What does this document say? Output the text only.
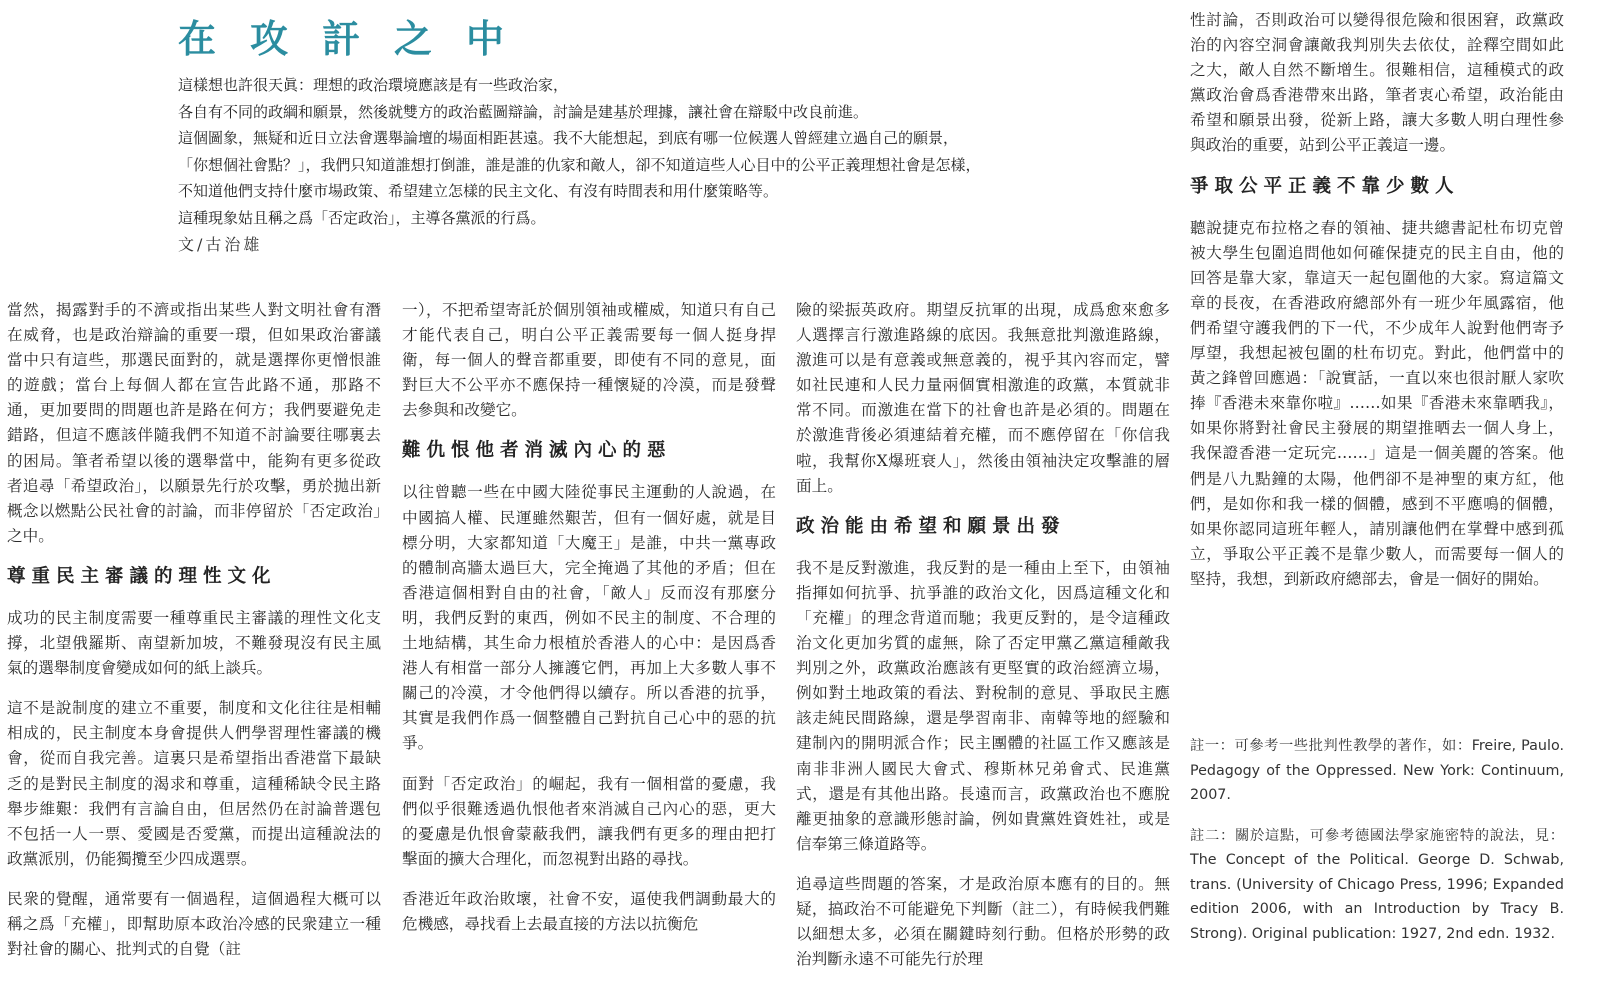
在攻訐之中

這樣想也許很天眞：理想的政治環境應該是有一些政治家，

各自有不同的政綱和願景，然後就雙方的政治藍圖辯論，討論是建基於理據，讓社會在辯駁中改良前進。

這個圖象，無疑和近日立法會選舉論壇的場面相距甚遠。我不大能想起，到底有哪一位候選人曾經建立過自己的願景，

「你想個社會點？」，我們只知道誰想打倒誰，誰是誰的仇家和敵人，卻不知道這些人心目中的公平正義理想社會是怎樣，

不知道他們支持什麼市場政策、希望建立怎樣的民主文化、有沒有時間表和用什麼策略等。

這種現象姑且稱之爲「否定政治」，主導各黨派的行爲。

文/古治雄

當然，揭露對手的不濟或指出某些人對文明社會有潛在威脅，也是政治辯論的重要一環，但如果政治審議當中只有這些，那選民面對的，就是選擇你更憎恨誰的遊戲；當台上每個人都在宣告此路不通，那路不通，更加要問的問題也許是路在何方；我們要避免走錯路，但這不應該伴隨我們不知道不討論要往哪裏去的困局。筆者希望以後的選舉當中，能夠有更多從政者追尋「希望政治」，以願景先行於攻擊，勇於拋出新概念以燃點公民社會的討論，而非停留於「否定政治」之中。

尊重民主審議的理性文化

成功的民主制度需要一種尊重民主審議的理性文化支撐，北望俄羅斯、南望新加坡，不難發現沒有民主風氣的選舉制度會變成如何的紙上談兵。

這不是說制度的建立不重要，制度和文化往往是相輔相成的，民主制度本身會提供人們學習理性審議的機會，從而自我完善。這裏只是希望指出香港當下最缺乏的是對民主制度的渴求和尊重，這種稀缺令民主路舉步維艱：我們有言論自由，但居然仍在討論普選包不包括一人一票、愛國是否愛黨，而提出這種說法的政黨派別，仍能獨攬至少四成選票。

民衆的覺醒，通常要有一個過程，這個過程大概可以稱之爲「充權」，即幫助原本政治冷感的民衆建立一種對社會的關心、批判式的自覺（註

一），不把希望寄託於個別領袖或權威，知道只有自己才能代表自己，明白公平正義需要每一個人挺身捍衛，每一個人的聲音都重要，即使有不同的意見，面對巨大不公平亦不應保持一種懷疑的冷漠，而是發聲去參與和改變它。

難仇恨他者消滅內心的惡

以往曾聽一些在中國大陸從事民主運動的人說過，在中國搞人權、民運雖然艱苦，但有一個好處，就是目標分明，大家都知道「大魔王」是誰，中共一黨專政的體制高牆太過巨大，完全掩過了其他的矛盾；但在香港這個相對自由的社會，「敵人」反而沒有那麼分明，我們反對的東西，例如不民主的制度、不合理的土地結構，其生命力根植於香港人的心中：是因爲香港人有相當一部分人擁護它們，再加上大多數人事不關己的冷漠，才令他們得以續存。所以香港的抗爭，其實是我們作爲一個整體自己對抗自己心中的惡的抗爭。

面對「否定政治」的崛起，我有一個相當的憂慮，我們似乎很難透過仇恨他者來消滅自己內心的惡，更大的憂慮是仇恨會蒙蔽我們，讓我們有更多的理由把打擊面的擴大合理化，而忽視對出路的尋找。

香港近年政治敗壞，社會不安，逼使我們調動最大的危機感，尋找看上去最直接的方法以抗衡危

險的梁振英政府。期望反抗軍的出現，成爲愈來愈多人選擇言行激進路線的底因。我無意批判激進路線，激進可以是有意義或無意義的，視乎其內容而定，譬如社民連和人民力量兩個實相激進的政黨，本質就非常不同。而激進在當下的社會也許是必須的。問題在於激進背後必須連結着充權，而不應停留在「你信我啦，我幫你X爆班衰人」，然後由領袖決定攻擊誰的層面上。

政治能由希望和願景出發

我不是反對激進，我反對的是一種由上至下，由領袖指揮如何抗爭、抗爭誰的政治文化，因爲這種文化和「充權」的理念背道而馳；我更反對的，是令這種政治文化更加劣質的虛無，除了否定甲黨乙黨這種敵我判別之外，政黨政治應該有更堅實的政治經濟立場，例如對土地政策的看法、對稅制的意見、爭取民主應該走純民間路線，還是學習南非、南韓等地的經驗和建制內的開明派合作；民主團體的社區工作又應該是南非非洲人國民大會式、穆斯林兄弟會式、民進黨式，還是有其他出路。長遠而言，政黨政治也不應脫離更抽象的意識形態討論，例如貴黨姓資姓社，或是信奉第三條道路等。

追尋這些問題的答案，才是政治原本應有的目的。無疑，搞政治不可能避免下判斷（註二），有時候我們難以細想太多，必須在關鍵時刻行動。但格於形勢的政治判斷永遠不可能先行於理

性討論，否則政治可以變得很危險和很困窘，政黨政治的內容空洞會讓敵我判別失去依仗，詮釋空間如此之大，敵人自然不斷增生。很難相信，這種模式的政黨政治會爲香港帶來出路，筆者衷心希望，政治能由希望和願景出發，從新上路，讓大多數人明白理性參與政治的重要，站到公平正義這一邊。

爭取公平正義不靠少數人

聽說捷克布拉格之春的領袖、捷共總書記杜布切克曾被大學生包圍追問他如何確保捷克的民主自由，他的回答是靠大家，靠這天一起包圍他的大家。寫這篇文章的長夜，在香港政府總部外有一班少年風露宿，他們希望守護我們的下一代，不少成年人說對他們寄予厚望，我想起被包圍的杜布切克。對此，他們當中的黃之鋒曾回應過：「說實話，一直以來也很討厭人家吹捧『香港未來靠你啦』……如果『香港未來靠晒我』，如果你將對社會民主發展的期望推晒去一個人身上，我保證香港一定玩完……」這是一個美麗的答案。他們是八九點鐘的太陽，他們卻不是神聖的東方紅，他們，是如你和我一樣的個體，感到不平應鳴的個體，如果你認同這班年輕人，請別讓他們在掌聲中感到孤立，爭取公平正義不是靠少數人，而需要每一個人的堅持，我想，到新政府總部去，會是一個好的開始。

註一：可參考一些批判性教學的著作，如：Freire, Paulo. Pedagogy of the Oppressed. New York: Continuum, 2007.

註二：關於這點，可參考德國法學家施密特的說法，見：The Concept of the Political. George D. Schwab, trans. (University of Chicago Press, 1996; Expanded edition 2006, with an Introduction by Tracy B. Strong). Original publication: 1927, 2nd edn. 1932.
